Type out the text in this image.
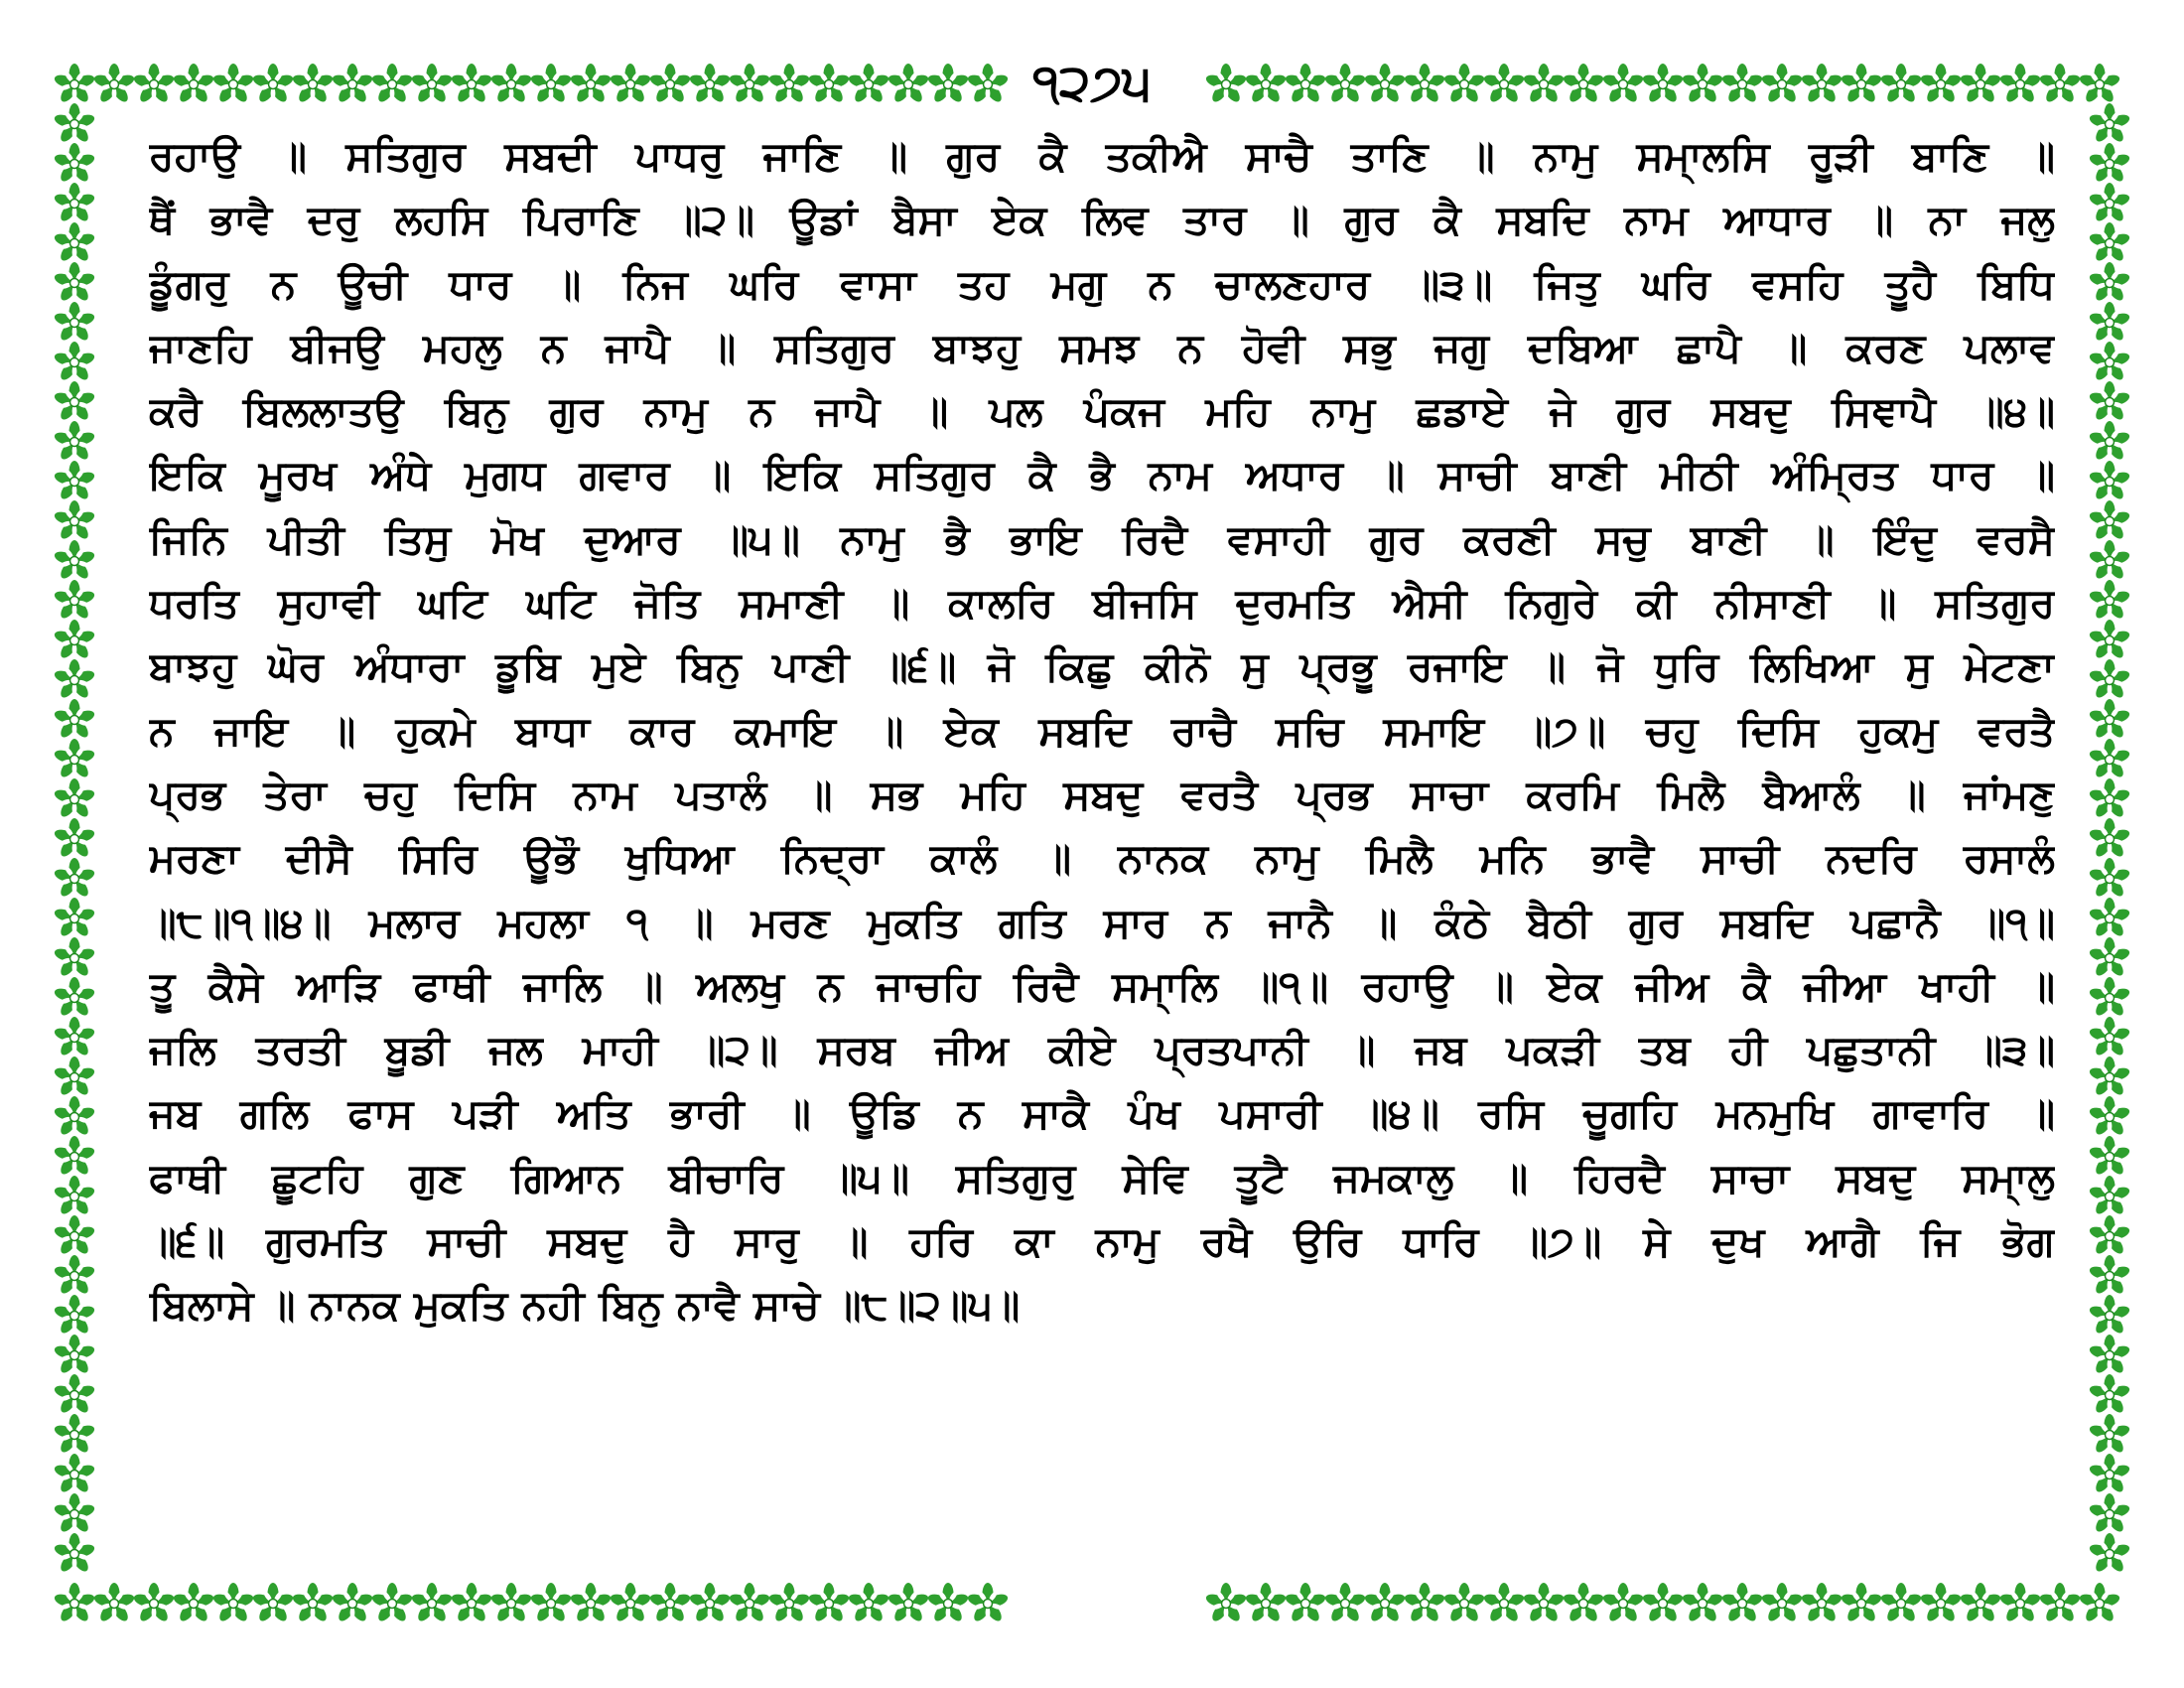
੧੨੭੫

ਰਹਾਉ ॥ ਸਤਿਗੁਰ ਸਬਦੀ ਪਾਧਰੁ ਜਾਣਿ ॥ ਗੁਰ ਕੈ ਤਕੀਐ ਸਾਚੈ ਤਾਣਿ ॥ ਨਾਮੁ ਸਮਾ੍ਲਸਿ ਰੂੜੀ ਬਾਣਿ ॥

ਥੈਂ ਭਾਵੈ ਦਰੁ ਲਹਸਿ ਪਿਰਾਣਿ ॥੨॥ ਊਡਾਂ ਬੈਸਾ ਏਕ ਲਿਵ ਤਾਰ ॥ ਗੁਰ ਕੈ ਸਬਦਿ ਨਾਮ ਆਧਾਰ ॥ ਨਾ ਜਲੁ

ਡੂੰਗਰੁ ਨ ਊਚੀ ਧਾਰ ॥ ਨਿਜ ਘਰਿ ਵਾਸਾ ਤਹ ਮਗੁ ਨ ਚਾਲਣਹਾਰ ॥੩॥ ਜਿਤੁ ਘਰਿ ਵਸਹਿ ਤੂਹੈ ਬਿਧਿ

ਜਾਣਹਿ ਬੀਜਉ ਮਹਲੁ ਨ ਜਾਪੈ ॥ ਸਤਿਗੁਰ ਬਾਝਹੁ ਸਮਝ ਨ ਹੋਵੀ ਸਭੁ ਜਗੁ ਦਬਿਆ ਛਾਪੈ ॥ ਕਰਣ ਪਲਾਵ

ਕਰੈ ਬਿਲਲਾਤਉ ਬਿਨੁ ਗੁਰ ਨਾਮੁ ਨ ਜਾਪੈ ॥ ਪਲ ਪੰਕਜ ਮਹਿ ਨਾਮੁ ਛਡਾਏ ਜੇ ਗੁਰ ਸਬਦੁ ਸਿਞਾਪੈ ॥੪॥

ਇਕਿ ਮੂਰਖ ਅੰਧੇ ਮੁਗਧ ਗਵਾਰ ॥ ਇਕਿ ਸਤਿਗੁਰ ਕੈ ਭੈ ਨਾਮ ਅਧਾਰ ॥ ਸਾਚੀ ਬਾਣੀ ਮੀਠੀ ਅੰਮ੍ਰਿਤ ਧਾਰ ॥

ਜਿਨਿ ਪੀਤੀ ਤਿਸੁ ਮੋਖ ਦੁਆਰ ॥੫॥ ਨਾਮੁ ਭੈ ਭਾਇ ਰਿਦੈ ਵਸਾਹੀ ਗੁਰ ਕਰਣੀ ਸਚੁ ਬਾਣੀ ॥ ਇੰਦੁ ਵਰਸੈ

ਧਰਤਿ ਸੁਹਾਵੀ ਘਟਿ ਘਟਿ ਜੋਤਿ ਸਮਾਣੀ ॥ ਕਾਲਰਿ ਬੀਜਸਿ ਦੁਰਮਤਿ ਐਸੀ ਨਿਗੁਰੇ ਕੀ ਨੀਸਾਣੀ ॥ ਸਤਿਗੁਰ

ਬਾਝਹੁ ਘੋਰ ਅੰਧਾਰਾ ਡੂਬਿ ਮੁਏ ਬਿਨੁ ਪਾਣੀ ॥੬॥ ਜੋ ਕਿਛੁ ਕੀਨੋ ਸੁ ਪ੍ਰਭੂ ਰਜਾਇ ॥ ਜੋ ਧੁਰਿ ਲਿਖਿਆ ਸੁ ਮੇਟਣਾ

ਨ ਜਾਇ ॥ ਹੁਕਮੇ ਬਾਧਾ ਕਾਰ ਕਮਾਇ ॥ ਏਕ ਸਬਦਿ ਰਾਚੈ ਸਚਿ ਸਮਾਇ ॥੭॥ ਚਹੁ ਦਿਸਿ ਹੁਕਮੁ ਵਰਤੈ

ਪ੍ਰਭ ਤੇਰਾ ਚਹੁ ਦਿਸਿ ਨਾਮ ਪਤਾਲੰ ॥ ਸਭ ਮਹਿ ਸਬਦੁ ਵਰਤੈ ਪ੍ਰਭ ਸਾਚਾ ਕਰਮਿ ਮਿਲੈ ਬੈਆਲੰ ॥ ਜਾਂਮਣੁ

ਮਰਣਾ ਦੀਸੈ ਸਿਰਿ ਊਭੌ ਖੁਧਿਆ ਨਿਦ੍ਰਾ ਕਾਲੰ ॥ ਨਾਨਕ ਨਾਮੁ ਮਿਲੈ ਮਨਿ ਭਾਵੈ ਸਾਚੀ ਨਦਰਿ ਰਸਾਲੰ

॥੮॥੧॥੪॥ ਮਲਾਰ ਮਹਲਾ ੧ ॥ ਮਰਣ ਮੁਕਤਿ ਗਤਿ ਸਾਰ ਨ ਜਾਨੈ ॥ ਕੰਠੇ ਬੈਠੀ ਗੁਰ ਸਬਦਿ ਪਛਾਨੈ ॥੧॥

ਤੂ ਕੈਸੇ ਆੜਿ ਫਾਥੀ ਜਾਲਿ ॥ ਅਲਖੁ ਨ ਜਾਚਹਿ ਰਿਦੈ ਸਮਾ੍ਲਿ ॥੧॥ ਰਹਾਉ ॥ ਏਕ ਜੀਅ ਕੈ ਜੀਆ ਖਾਹੀ ॥

ਜਲਿ ਤਰਤੀ ਬੂਡੀ ਜਲ ਮਾਹੀ ॥੨॥ ਸਰਬ ਜੀਅ ਕੀਏ ਪ੍ਰਤਪਾਨੀ ॥ ਜਬ ਪਕੜੀ ਤਬ ਹੀ ਪਛੁਤਾਨੀ ॥੩॥

ਜਬ ਗਲਿ ਫਾਸ ਪੜੀ ਅਤਿ ਭਾਰੀ ॥ ਊਡਿ ਨ ਸਾਕੈ ਪੰਖ ਪਸਾਰੀ ॥੪॥ ਰਸਿ ਚੂਗਹਿ ਮਨਮੁਖਿ ਗਾਵਾਰਿ ॥

ਫਾਥੀ ਛੂਟਹਿ ਗੁਣ ਗਿਆਨ ਬੀਚਾਰਿ ॥੫॥ ਸਤਿਗੁਰੁ ਸੇਵਿ ਤੂਟੈ ਜਮਕਾਲੁ ॥ ਹਿਰਦੈ ਸਾਚਾ ਸਬਦੁ ਸਮਾ੍ਲੁ

॥੬॥ ਗੁਰਮਤਿ ਸਾਚੀ ਸਬਦੁ ਹੈ ਸਾਰੁ ॥ ਹਰਿ ਕਾ ਨਾਮੁ ਰਖੈ ਉਰਿ ਧਾਰਿ ॥੭॥ ਸੇ ਦੁਖ ਆਗੈ ਜਿ ਭੋਗ

ਬਿਲਾਸੇ ॥ ਨਾਨਕ ਮੁਕਤਿ ਨਹੀ ਬਿਨੁ ਨਾਵੈ ਸਾਚੇ ॥੮॥੨॥੫॥
